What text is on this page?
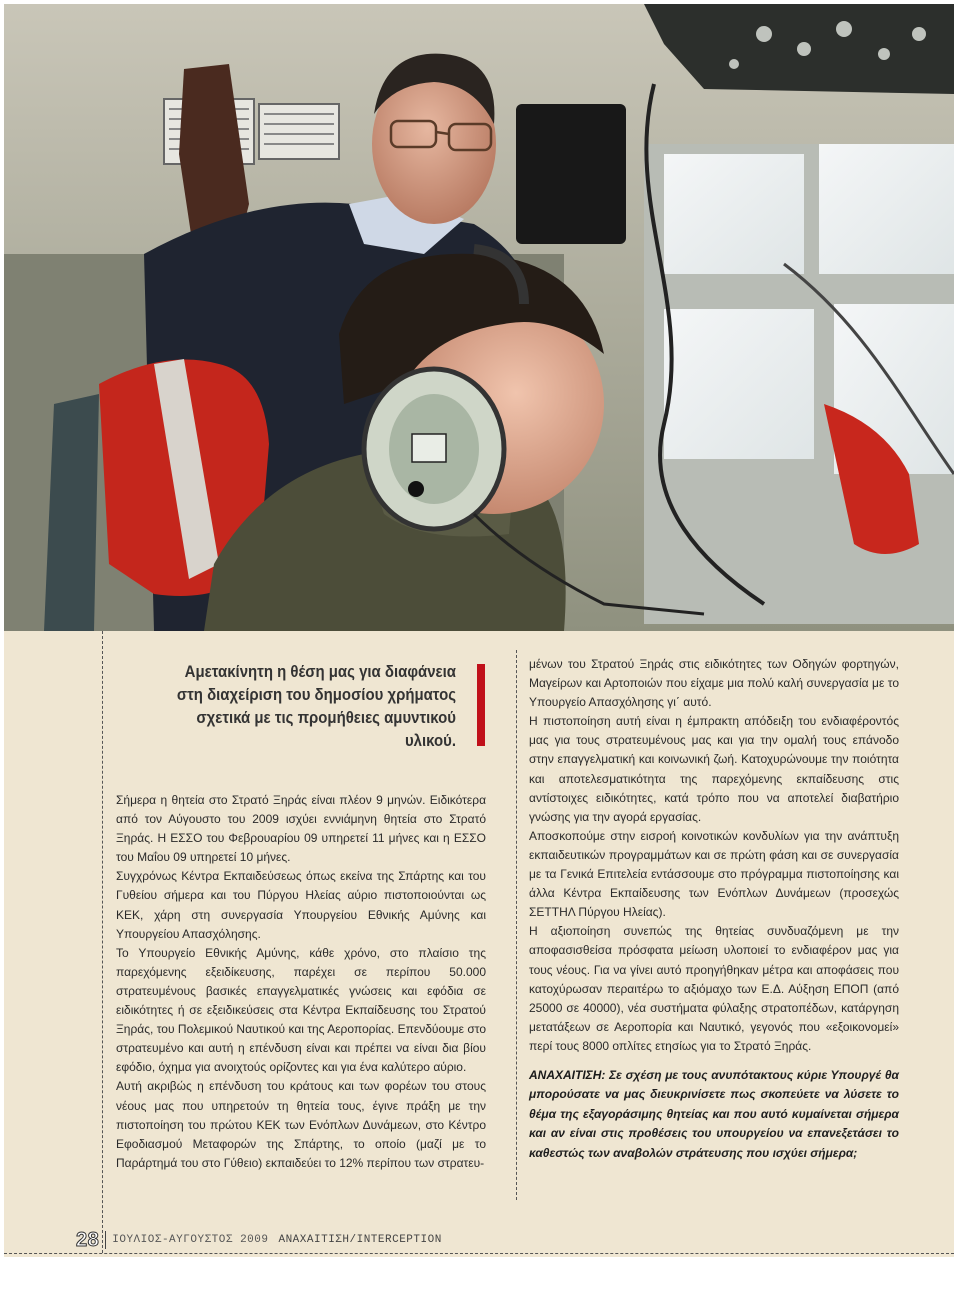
Αμετακίνητη η θέση μας για διαφάνεια στη διαχείριση του δημοσίου χρήματος σχετικά με τις προμήθειες αμυντικού υλικού.

Σήμερα η θητεία στο Στρατό Ξηράς είναι πλέον 9 μηνών. Ειδικότερα από τον Αύγουστο του 2009 ισχύει εννιάμηνη θητεία στο Στρατό Ξηράς. Η ΕΣΣΟ του Φεβρουαρίου 09 υπηρετεί 11 μήνες και η ΕΣΣΟ του Μαΐου 09 υπηρετεί 10 μήνες.

Συγχρόνως Κέντρα Εκπαιδεύσεως όπως εκείνα της Σπάρτης και του Γυθείου σήμερα και του Πύργου Ηλείας αύριο πιστοποιούνται ως ΚΕΚ, χάρη στη συνεργασία Υπουργείου Εθνικής Αμύνης και Υπουργείου Απασχόλησης.

Το Υπουργείο Εθνικής Αμύνης, κάθε χρόνο, στο πλαίσιο της παρεχόμενης εξειδίκευσης, παρέχει σε περίπου 50.000 στρατευμένους βασικές επαγγελματικές γνώσεις και εφόδια σε ειδικότητες ή σε εξειδικεύσεις στα Κέντρα Εκπαίδευσης του Στρατού Ξηράς, του Πολεμικού Ναυτικού και της Αεροπορίας. Επενδύουμε στο στρατευμένο και αυτή η επένδυση είναι και πρέπει να είναι δια βίου εφόδιο, όχημα για ανοιχτούς ορίζοντες και για ένα καλύτερο αύριο.

Αυτή ακριβώς η επένδυση του κράτους και των φορέων του στους νέους μας που υπηρετούν τη θητεία τους, έγινε πράξη με την πιστοποίηση του πρώτου ΚΕΚ των Ενόπλων Δυνάμεων, στο Κέντρο Εφοδιασμού Μεταφορών της Σπάρτης, το οποίο (μαζί με το Παράρτημά του στο Γύθειο) εκπαιδεύει το 12% περίπου των στρατευ-

μένων του Στρατού Ξηράς στις ειδικότητες των Οδηγών φορτηγών, Μαγείρων και Αρτοποιών που είχαμε μια πολύ καλή συνεργασία με το Υπουργείο Απασχόλησης γι΄ αυτό.

Η πιστοποίηση αυτή είναι η έμπρακτη απόδειξη του ενδιαφέροντός μας για τους στρατευμένους μας και για την ομαλή τους επάνοδο στην επαγγελματική και κοινωνική ζωή. Κατοχυρώνουμε την ποιότητα και αποτελεσματικότητα της παρεχόμενης εκπαίδευσης στις αντίστοιχες ειδικότητες, κατά τρόπο που να αποτελεί διαβατήριο γνώσης για την αγορά εργασίας.

Αποσκοπούμε στην εισροή κοινοτικών κονδυλίων για την ανάπτυξη εκπαιδευτικών προγραμμάτων και σε πρώτη φάση και σε συνεργασία με τα Γενικά Επιτελεία εντάσσουμε στο πρόγραμμα πιστοποίησης και άλλα Κέντρα Εκπαίδευσης των Ενόπλων Δυνάμεων (προσεχώς ΣΕΤΤΗΛ Πύργου Ηλείας).

Η αξιοποίηση συνεπώς της θητείας συνδυαζόμενη με την αποφασισθείσα πρόσφατα μείωση υλοποιεί το ενδιαφέρον μας για τους νέους. Για να γίνει αυτό προηγήθηκαν μέτρα και αποφάσεις που κατοχύρωσαν περαιτέρω το αξιόμαχο των Ε.Δ. Αύξηση ΕΠΟΠ (από 25000 σε 40000), νέα συστήματα φύλαξης στρατοπέδων, κατάργηση μετατάξεων σε Αεροπορία και Ναυτικό, γεγονός που «εξοικονομεί» περί τους 8000 οπλίτες ετησίως για το Στρατό Ξηράς.

ΑΝΑΧΑΙΤΙΣΗ: Σε σχέση με τους ανυπότακτους κύριε Υπουργέ θα μπορούσατε να μας διευκρινίσετε πως σκοπεύετε να λύσετε το θέμα της εξαγοράσιμης θητείας και που αυτό κυμαίνεται σήμερα και αν είναι στις προθέσεις του υπουργείου να επανεξετάσει το καθεστώς των αναβολών στράτευσης που ισχύει σήμερα;

28 ΙΟΥΛΙΟΣ-ΑΥΓΟΥΣΤΟΣ 2009 ΑΝΑΧΑΙΤΙΣΗ/INTERCEPTION
